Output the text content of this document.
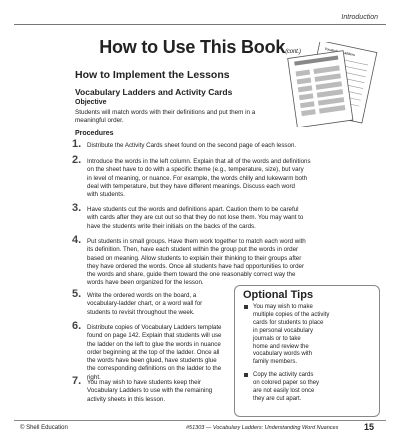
Introduction
How to Use This Book(cont.)	Vocabulary Ladders
How to Implement the Lessons
Vocabulary Ladders and Activity Cards
Objective
Students will match words with their definitions and put them in a meaningful order.
Procedures
1. Distribute the Activity Cards sheet found on the second page of each lesson.
2. Introduce the words in the left column. Explain that all of the words and definitions
on the sheet have to do with a specific theme (e.g., temperature, size), but vary
in level of meaning, or nuance. For example, the words chilly and lukewarm both
deal with temperature, but they have different meanings. Discuss each word
with students.
3. Have students cut the words and definitions apart. Caution them to be careful
with cards after they are cut out so that they do not lose them. You may want to
have the students write their initials on the backs of the cards.
4. Put students in small groups. Have them work together to match each word with
its definition. Then, have each student within the group put the words in order
based on meaning. Allow students to explain their thinking to their groups after
they have ordered the words. Once all students have had opportunities to order
the words and share, guide them toward the one reasonably correct way the
words have been organized for the lesson.
5. Write the ordered words on the board, a
vocabulary-ladder chart, or a word wall for
students to revisit throughout the week.
6. Distribute copies of Vocabulary Ladders template
found on page 142. Explain that students will use
the ladder on the left to glue the words in nuance
order beginning at the top of the ladder. Once all
the words have been glued, have students glue
the corresponding definitions on the ladder to the
right.
7. You may wish to have students keep their
Vocabulary Ladders to use with the remaining
activity sheets in this lesson.
Optional Tips
You may wish to make
multiple copies of the activity
cards for students to place
in personal vocabulary
journals or to take
home and review the
vocabulary words with
family members.
Copy the activity cards
on colored paper so they
are not easily lost once
they are cut apart.
© Shell Education	#51303 — Vocabulary Ladders: Understanding Word Nuances	15
